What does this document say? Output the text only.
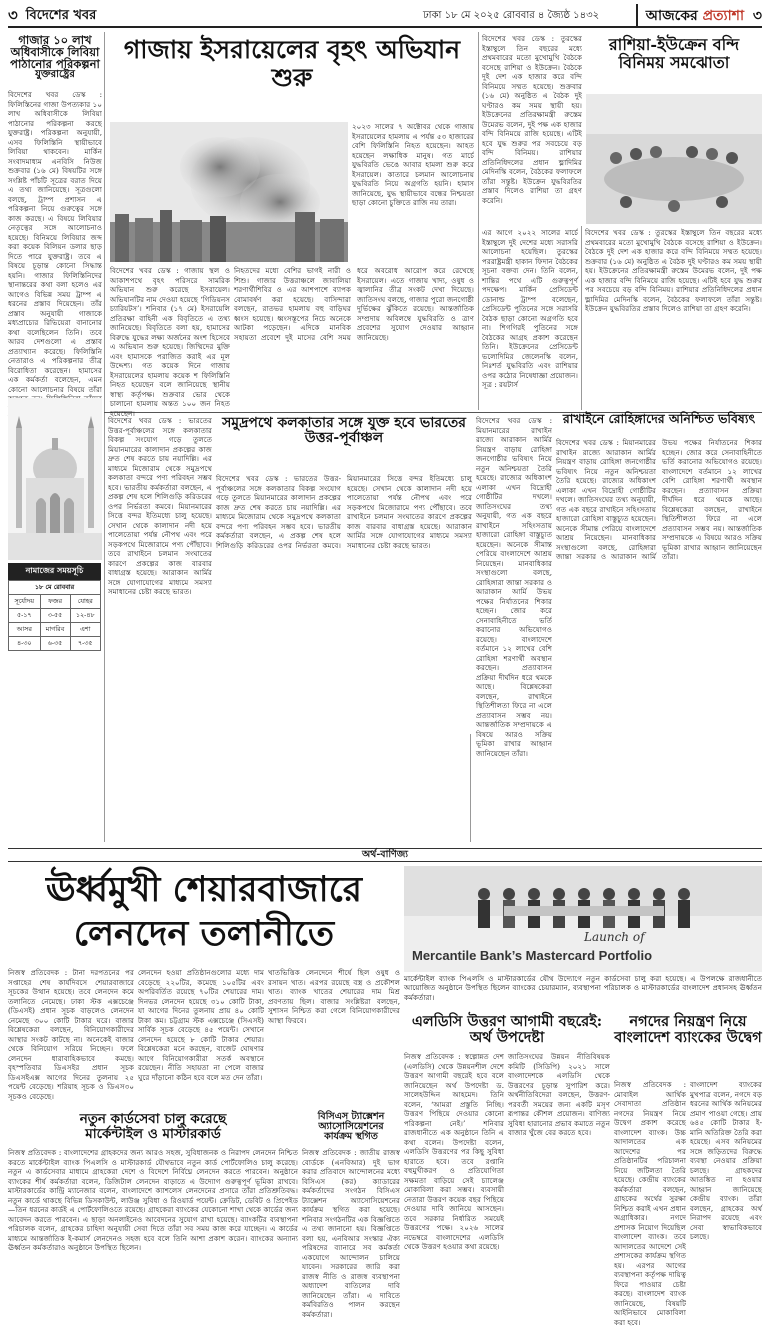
৩ বিদেশের খবর	ঢাকা ১৮ মে ২০২৫ রোববার ৪ জ্যৈষ্ঠ ১৪৩২	আজকের প্রত্যাশা ৩
গাজার ১০ লাখ
অধিবাসীকে লিবিয়া
পাঠানোর পরিকল্পনা
যুক্তরাষ্ট্রের
বিদেশের খবর ডেস্ক : ফিলিস্তিনের গাজা উপত্যকার ১০ লাখ অধিবাসীকে লিবিয়া পাঠানোর পরিকল্পনা করছে যুক্তরাষ্ট্র। পরিকল্পনা অনুযায়ী, এসব ফিলিস্তিনি স্থায়ীভাবে লিবিয়া থাকবেন। মার্কিন সংবাদমাধ্যম এনবিসি নিউজ শুক্রবার (১৬ মে) বিষয়টির সঙ্গে সংশ্লিষ্ট পাঁচটি সূত্রের বরাত দিয়ে এ তথ্য জানিয়েছে। সূত্রগুলো বলছে, ট্রাম্প প্রশাসন এ পরিকল্পনা নিয়ে গুরুত্বের সঙ্গে কাজ করছে। এ বিষয়ে লিবিয়ার নেতৃত্বের সঙ্গে আলোচনাও হয়েছে। বিনিময়ে লিবিয়ার জব্দ করা কয়েক বিলিয়ন ডলার ছাড় দিতে পারে যুক্তরাষ্ট্র। তবে এ বিষয়ে চূড়ান্ত কোনো সিদ্ধান্ত হয়নি। গাজার ফিলিস্তিনিদের স্থানান্তরের কথা বলা হলেও এর আগেও বিভিন্ন সময় ট্রাম্প এ ধরনের প্রস্তাব দিয়েছেন। তাঁর প্রস্তাব অনুযায়ী গাজাকে মধ্যপ্রাচ্যের রিভিয়েরা বানানোর কথা বলেছিলেন তিনি। তবে আরব দেশগুলো এ প্রস্তাব প্রত্যাখ্যান করেছে। ফিলিস্তিনি নেতারাও এ পরিকল্পনার তীব্র বিরোধিতা করেছেন। হামাসের এক কর্মকর্তা বলেছেন, এমন কোনো আলোচনার বিষয়ে তাঁরা
নামাজের সময়সূচি
১৮ মে রোববার		
সূর্যোদয়	ফজর	যোহর
৫-১৭	৩-৫৫	১২-৪৮
আসর	মাগরিব	এশা
৪-৩০	৬-৩৫	৭-৩৫
গাজায় ইসরায়েলের বৃহৎ অভিযান শুরু
২০২৩ সালের ৭ অক্টোবর থেকে গাজায় ইসরায়েলের হামলায় এ পর্যন্ত ৫৩ হাজারের বেশি ফিলিস্তিনি নিহত হয়েছেন। আহত হয়েছেন লক্ষাধিক মানুষ। গত মার্চে যুদ্ধবিরতি ভেঙে আবার হামলা শুরু করে ইসরায়েল। কাতারে চলমান আলোচনায় যুদ্ধবিরতি নিয়ে অগ্রগতি হয়নি। হামাস জানিয়েছে, যুদ্ধ স্থায়ীভাবে বন্ধের নিশ্চয়তা ছাড়া কোনো চুক্তিতে রাজি নয় তারা।
বিদেশের খবর ডেস্ক : গাজায় স্থল ও আকাশপথে বৃহৎ পরিসরে সামরিক অভিযান শুরু করেছে ইসরায়েল। অভিযানটির নাম দেওয়া হয়েছে ‘গিডিয়নস চ্যারিয়টস’। শনিবার (১৭ মে) ইসরায়েলি প্রতিরক্ষা বাহিনী এক বিবৃতিতে এ তথ্য জানিয়েছে। বিবৃতিতে বলা হয়, হামাসের বিরুদ্ধে যুদ্ধের লক্ষ্য অর্জনের অংশ হিসেবে এ অভিযান শুরু হয়েছে। জিম্মিদের মুক্তি এবং হামাসকে পরাজিত করাই এর মূল উদ্দেশ্য। গত কয়েক দিনে গাজায় ইসরায়েলের হামলায় কয়েক শ ফিলিস্তিনি নিহত হয়েছেন বলে জানিয়েছে স্থানীয় স্বাস্থ্য কর্তৃপক্ষ। শুক্রবার ভোর থেকে চালানো হামলায় অন্তত ১০০ জন নিহত হয়েছেন।
নিহতদের মধ্যে বেশির ভাগই নারী ও শিশু। গাজার উত্তরাঞ্চলে জাবালিয়া শরণার্থীশিবির ও এর আশপাশে ব্যাপক বোমাবর্ষণ করা হয়েছে। বাসিন্দারা বলছেন, রাতভর হামলায় বহু বাড়িঘর ধ্বংস হয়েছে। ধ্বংসস্তূপের নিচে অনেকে আটকা পড়েছেন। এদিকে মানবিক সহায়তা প্রবেশে দুই মাসের বেশি সময় ধরে অবরোধ আরোপ করে রেখেছে ইসরায়েল। এতে গাজায় খাদ্য, ওষুধ ও জ্বালানির তীব্র সংকট দেখা দিয়েছে। জাতিসংঘ বলছে, গাজার পুরো জনগোষ্ঠী দুর্ভিক্ষের ঝুঁকিতে রয়েছে। আন্তর্জাতিক সম্প্রদায় অবিলম্বে যুদ্ধবিরতি ও ত্রাণ প্রবেশের সুযোগ দেওয়ার আহ্বান জানিয়েছে।
বিদেশের খবর ডেস্ক : তুরস্কের ইস্তাম্বুলে তিন বছরের মধ্যে প্রথমবারের মতো মুখোমুখি বৈঠকে বসেছে রাশিয়া ও ইউক্রেন। বৈঠকে দুই দেশ এক হাজার করে বন্দি বিনিময়ে সম্মত হয়েছে। শুক্রবার (১৬ মে) অনুষ্ঠিত এ বৈঠক দুই ঘণ্টারও কম সময় স্থায়ী হয়। ইউক্রেনের প্রতিরক্ষামন্ত্রী রুস্তেম উমেরভ বলেন, দুই পক্ষ এক হাজার বন্দি বিনিময়ে রাজি হয়েছে। এটিই হবে যুদ্ধ শুরুর পর সবচেয়ে বড় বন্দি বিনিময়। রাশিয়ার প্রতিনিধিদলের প্রধান ভ্লাদিমির মেদিনস্কি বলেন, বৈঠকের ফলাফলে তাঁরা সন্তুষ্ট। ইউক্রেন যুদ্ধবিরতির প্রস্তাব দিলেও রাশিয়া তা গ্রহণ করেনি।
রাশিয়া-ইউক্রেন বন্দি বিনিময় সমঝোতা
এর আগে ২০২২ সালের মার্চে ইস্তাম্বুলে দুই দেশের মধ্যে সরাসরি আলোচনা হয়েছিল। তুরস্কের পররাষ্ট্রমন্ত্রী হাকান ফিদান বৈঠকের সূচনা বক্তব্য দেন। তিনি বলেন, শান্তির পথে এটি গুরুত্বপূর্ণ পদক্ষেপ। মার্কিন প্রেসিডেন্ট ডোনাল্ড ট্রাম্প বলেছেন, প্রেসিডেন্ট পুতিনের সঙ্গে সরাসরি বৈঠক ছাড়া কোনো অগ্রগতি হবে না। শিগগিরই পুতিনের সঙ্গে বৈঠকের আগ্রহ প্রকাশ করেছেন তিনি। ইউক্রেনের প্রেসিডেন্ট ভলোদিমির জেলেনস্কি বলেন, নিঃশর্ত যুদ্ধবিরতি এবং রাশিয়ার ওপর কঠোর নিষেধাজ্ঞা প্রয়োজন। সূত্র : রয়টার্স
বিদেশের খবর ডেস্ক : তুরস্কের ইস্তাম্বুলে তিন বছরের মধ্যে প্রথমবারের মতো মুখোমুখি বৈঠকে বসেছে রাশিয়া ও ইউক্রেন। বৈঠকে দুই দেশ এক হাজার করে বন্দি বিনিময়ে সম্মত হয়েছে। শুক্রবার (১৬ মে) অনুষ্ঠিত এ বৈঠক দুই ঘণ্টারও কম সময় স্থায়ী হয়। ইউক্রেনের প্রতিরক্ষামন্ত্রী রুস্তেম উমেরভ বলেন, দুই পক্ষ এক হাজার বন্দি বিনিময়ে রাজি হয়েছে। এটিই হবে যুদ্ধ শুরুর পর সবচেয়ে বড় বন্দি বিনিময়। রাশিয়ার প্রতিনিধিদলের প্রধান ভ্লাদিমির মেদিনস্কি বলেন, বৈঠকের ফলাফলে তাঁরা সন্তুষ্ট। ইউক্রেন যুদ্ধবিরতির প্রস্তাব দিলেও রাশিয়া তা গ্রহণ করেনি।
বিদেশের খবর ডেস্ক : ভারতের উত্তর-পূর্বাঞ্চলের সঙ্গে কলকাতার বিকল্প সংযোগ গড়ে তুলতে মিয়ানমারের কালাদান প্রকল্পের কাজ দ্রুত শেষ করতে চায় নয়াদিল্লি। এর মাধ্যমে মিজোরাম থেকে সমুদ্রপথে কলকাতা বন্দরে পণ্য পরিবহন সম্ভব হবে। ভারতীয় কর্মকর্তারা বলছেন, এ প্রকল্প শেষ হলে শিলিগুড়ি করিডরের ওপর নির্ভরতা কমবে। মিয়ানমারের সিত্তে বন্দর ইতিমধ্যে চালু হয়েছে। সেখান থেকে কালাদান নদী হয়ে পালেতোয়া পর্যন্ত নৌপথ এবং পরে সড়কপথে মিজোরামে পণ্য পৌঁছাবে। তবে রাখাইনে চলমান সংঘাতের কারণে প্রকল্পের কাজ বারবার বাধাগ্রস্ত হয়েছে। আরাকান আর্মির সঙ্গে যোগাযোগের মাধ্যমে সমস্যা সমাধানের চেষ্টা করছে ভারত।
সমুদ্রপথে কলকাতার সঙ্গে যুক্ত হবে ভারতের উত্তর-পূর্বাঞ্চল
বিদেশের খবর ডেস্ক : ভারতের উত্তর-পূর্বাঞ্চলের সঙ্গে কলকাতার বিকল্প সংযোগ গড়ে তুলতে মিয়ানমারের কালাদান প্রকল্পের কাজ দ্রুত শেষ করতে চায় নয়াদিল্লি। এর মাধ্যমে মিজোরাম থেকে সমুদ্রপথে কলকাতা বন্দরে পণ্য পরিবহন সম্ভব হবে। ভারতীয় কর্মকর্তারা বলছেন, এ প্রকল্প শেষ হলে শিলিগুড়ি করিডরের ওপর নির্ভরতা কমবে। মিয়ানমারের সিত্তে বন্দর ইতিমধ্যে চালু হয়েছে। সেখান থেকে কালাদান নদী হয়ে পালেতোয়া পর্যন্ত নৌপথ এবং পরে সড়কপথে মিজোরামে পণ্য পৌঁছাবে। তবে রাখাইনে চলমান সংঘাতের কারণে প্রকল্পের কাজ বারবার বাধাগ্রস্ত হয়েছে। আরাকান আর্মির সঙ্গে যোগাযোগের মাধ্যমে সমস্যা সমাধানের চেষ্টা করছে ভারত।
বিদেশের খবর ডেস্ক : মিয়ানমারের রাখাইন রাজ্যে আরাকান আর্মির নিয়ন্ত্রণ বাড়ায় রোহিঙ্গা জনগোষ্ঠীর ভবিষ্যৎ নিয়ে নতুন অনিশ্চয়তা তৈরি হয়েছে। রাজ্যের অধিকাংশ এলাকা এখন বিদ্রোহী গোষ্ঠীটির দখলে। জাতিসংঘের তথ্য অনুযায়ী, গত এক বছরে রাখাইনে সহিংসতায় হাজারো রোহিঙ্গা বাস্তুচ্যুত হয়েছেন। অনেকে সীমান্ত পেরিয়ে বাংলাদেশে আশ্রয় নিয়েছেন। মানবাধিকার সংস্থাগুলো বলছে, রোহিঙ্গারা জান্তা সরকার ও আরাকান আর্মি উভয় পক্ষের নির্যাতনের শিকার হচ্ছেন। জোর করে সেনাবাহিনীতে ভর্তি করানোর অভিযোগও রয়েছে। বাংলাদেশে বর্তমানে ১২ লাখের বেশি রোহিঙ্গা শরণার্থী অবস্থান করছেন। প্রত্যাবাসন প্রক্রিয়া দীর্ঘদিন ধরে থমকে আছে। বিশ্লেষকেরা বলছেন, রাখাইনে স্থিতিশীলতা ফিরে না এলে প্রত্যাবাসন সম্ভব নয়। আন্তর্জাতিক সম্প্রদায়কে এ বিষয়ে আরও সক্রিয় ভূমিকা রাখার আহ্বান জানিয়েছেন তাঁরা।
রাখাইনে রোহিঙ্গাদের অনিশ্চিত ভবিষ্যৎ
বিদেশের খবর ডেস্ক : মিয়ানমারের রাখাইন রাজ্যে আরাকান আর্মির নিয়ন্ত্রণ বাড়ায় রোহিঙ্গা জনগোষ্ঠীর ভবিষ্যৎ নিয়ে নতুন অনিশ্চয়তা তৈরি হয়েছে। রাজ্যের অধিকাংশ এলাকা এখন বিদ্রোহী গোষ্ঠীটির দখলে। জাতিসংঘের তথ্য অনুযায়ী, গত এক বছরে রাখাইনে সহিংসতায় হাজারো রোহিঙ্গা বাস্তুচ্যুত হয়েছেন। অনেকে সীমান্ত পেরিয়ে বাংলাদেশে আশ্রয় নিয়েছেন। মানবাধিকার সংস্থাগুলো বলছে, রোহিঙ্গারা জান্তা সরকার ও আরাকান আর্মি উভয় পক্ষের নির্যাতনের শিকার হচ্ছেন। জোর করে সেনাবাহিনীতে ভর্তি করানোর অভিযোগও রয়েছে। বাংলাদেশে বর্তমানে ১২ লাখের বেশি রোহিঙ্গা শরণার্থী অবস্থান করছেন। প্রত্যাবাসন প্রক্রিয়া দীর্ঘদিন ধরে থমকে আছে। বিশ্লেষকেরা বলছেন, রাখাইনে স্থিতিশীলতা ফিরে না এলে প্রত্যাবাসন সম্ভব নয়। আন্তর্জাতিক সম্প্রদায়কে এ বিষয়ে আরও সক্রিয় ভূমিকা রাখার আহ্বান জানিয়েছেন তাঁরা।
অর্থ-বাণিজ্য
ঊর্ধ্বমুখী শেয়ারবাজারে
লেনদেন তলানীতে
নিজস্ব প্রতিবেদক : টানা দরপতনের পর সপ্তাহের শেষ কার্যদিবসে শেয়ারবাজারে সূচকের উত্থান হয়েছে। তবে লেনদেন কমে তলানিতে নেমেছে। ঢাকা স্টক এক্সচেঞ্জে (ডিএসই) প্রধান সূচক বাড়লেও লেনদেন নেমেছে ৩০০ কোটি টাকার ঘরে। বাজার বিশ্লেষকেরা বলছেন, বিনিয়োগকারীদের আস্থার সংকট কাটছে না। অনেকেই বাজার থেকে বিনিয়োগ সরিয়ে নিচ্ছেন। ফলে লেনদেন ধারাবাহিকভাবে কমছে। বৃহস্পতিবার ডিএসইর প্রধান সূচক ডিএসইএক্স আগের দিনের তুলনায় ২৫ পয়েন্ট বেড়েছে। শরিয়াহ সূচক ও ডিএস৩০ সূচকও বেড়েছে।
লেনদেন হওয়া প্রতিষ্ঠানগুলোর মধ্যে দাম বেড়েছে ২২০টির, কমেছে ১০৫টির এবং অপরিবর্তিত রয়েছে ৭০টির শেয়ারের দাম। দিনভর লেনদেন হয়েছে ৩১০ কোটি টাকা, যা আগের দিনের তুলনায় প্রায় ৪০ কোটি টাকা কম। চট্টগ্রাম স্টক এক্সচেঞ্জে (সিএসই) সার্বিক সূচক বেড়েছে ৪৫ পয়েন্ট। সেখানে লেনদেন হয়েছে ৮ কোটি টাকার শেয়ার। বিশ্লেষকেরা মনে করছেন, বাজেট ঘোষণার আগে বিনিয়োগকারীরা সতর্ক অবস্থানে রয়েছেন। নীতি সহায়তা না পেলে বাজার ঘুরে দাঁড়ানো কঠিন হবে বলে মত দেন তাঁরা।
খাতভিত্তিক লেনদেনে শীর্ষে ছিল ওষুধ ও রসায়ন খাত। এরপর রয়েছে বস্ত্র ও প্রকৌশল খাত। ব্যাংক খাতের শেয়ারের দাম মিশ্র প্রবণতায় ছিল। বাজার সংশ্লিষ্টরা বলছেন, সুশাসন নিশ্চিত করা গেলে বিনিয়োগকারীদের আস্থা ফিরবে।
Launch of
Mercantile Bank’s Mastercard Portfolio
মার্কেন্টাইল ব্যাংক পিএলসি ও মাস্টারকার্ডের যৌথ উদ্যোগে নতুন কার্ডসেবা চালু করা হয়েছে। এ উপলক্ষে রাজধানীতে আয়োজিত অনুষ্ঠানে উপস্থিত ছিলেন ব্যাংকের চেয়ারম্যান, ব্যবস্থাপনা পরিচালক ও মাস্টারকার্ডের বাংলাদেশ প্রধানসহ ঊর্ধ্বতন কর্মকর্তারা।
এলডিসি উত্তরণ আগামী বছরেই: অর্থ উপদেষ্টা
নিজস্ব প্রতিবেদক : স্বল্পোন্নত দেশ (এলডিসি) থেকে উন্নয়নশীল দেশে উত্তরণ আগামী বছরেই হবে বলে জানিয়েছেন অর্থ উপদেষ্টা ড. সালেহউদ্দিন আহমেদ। তিনি বলেন, ‘আমরা প্রস্তুতি নিচ্ছি। উত্তরণ পিছিয়ে দেওয়ার কোনো পরিকল্পনা নেই।’ শনিবার রাজধানীতে এক অনুষ্ঠানে তিনি এ কথা বলেন। উপদেষ্টা বলেন, এলডিসি উত্তরণের পর কিছু সুবিধা হারাতে হবে। তবে রপ্তানি বহুমুখীকরণ ও প্রতিযোগিতা সক্ষমতা বাড়িয়ে সেই চ্যালেঞ্জ মোকাবিলা করা সম্ভব। ব্যবসায়ী নেতারা উত্তরণ কয়েক বছর পিছিয়ে দেওয়ার দাবি জানিয়ে আসছেন। তবে সরকার নির্ধারিত সময়েই উত্তরণের পক্ষে। ২০২৬ সালের নভেম্বরে বাংলাদেশের এলডিসি থেকে উত্তরণ হওয়ার কথা রয়েছে।
জাতিসংঘের উন্নয়ন নীতিবিষয়ক কমিটি (সিডিপি) ২০২১ সালে বাংলাদেশকে এলডিসি থেকে উত্তরণের চূড়ান্ত সুপারিশ করে। অর্থনীতিবিদেরা বলছেন, উত্তরণ-পরবর্তী সময়ের জন্য একটি মসৃণ রূপান্তর কৌশল প্রয়োজন। বাণিজ্য সুবিধা হারানোর প্রভাব কমাতে নতুন বাজার খুঁজে বের করতে হবে।
নগদের নিয়ন্ত্রণ নিয়ে বাংলাদেশ ব্যাংকের উদ্বেগ
নিজস্ব প্রতিবেদক : মোবাইল আর্থিক সেবাদাতা প্রতিষ্ঠান নগদের নিয়ন্ত্রণ নিয়ে উদ্বেগ প্রকাশ করেছে বাংলাদেশ ব্যাংক। উচ্চ আদালতের এক আদেশের পর প্রতিষ্ঠানটির পরিচালনা নিয়ে জটিলতা তৈরি হয়েছে। কেন্দ্রীয় ব্যাংকের কর্মকর্তারা বলছেন, গ্রাহকের অর্থের সুরক্ষা নিশ্চিত করাই এখন প্রধান অগ্রাধিকার। নগদে প্রশাসক নিয়োগ দিয়েছিল বাংলাদেশ ব্যাংক। তবে আদালতের আদেশে সেই প্রশাসকের কার্যক্রম স্থগিত হয়। এরপর আগের ব্যবস্থাপনা কর্তৃপক্ষ দায়িত্ব ফিরে পাওয়ার চেষ্টা করছে। বাংলাদেশ ব্যাংক জানিয়েছে, বিষয়টি আইনিভাবে মোকাবিলা করা হবে।
বাংলাদেশ ব্যাংকের মুখপাত্র বলেন, নগদে বড় ধরনের আর্থিক অনিয়মের প্রমাণ পাওয়া গেছে। প্রায় ৬৪৫ কোটি টাকার ই-মানি অতিরিক্ত তৈরি করা হয়েছে। এসব অনিয়মের সঙ্গে জড়িতদের বিরুদ্ধে ব্যবস্থা নেওয়ার প্রক্রিয়া চলছে। গ্রাহকদের আতঙ্কিত না হওয়ার আহ্বান জানিয়েছে কেন্দ্রীয় ব্যাংক। তাঁরা বলছেন, গ্রাহকের অর্থ নিরাপদ রয়েছে এবং সেবা স্বাভাবিকভাবে চলছে।
নতুন কার্ডসেবা চালু করেছে
মার্কেন্টাইল ও মাস্টারকার্ড
নিজস্ব প্রতিবেদক : বাংলাদেশের গ্রাহকদের জন্য আরও সহজ, সুবিধাজনক ও নিরাপদ লেনদেন নিশ্চিত করতে মার্কেন্টাইল ব্যাংক পিএলসি ও মাস্টারকার্ড যৌথভাবে নতুন কার্ড পোর্টফোলিও চালু করেছে। নতুন এ কার্ডসেবার মাধ্যমে গ্রাহকেরা দেশে ও বিদেশে নির্বিঘ্নে লেনদেন করতে পারবেন। অনুষ্ঠানে ব্যাংকের শীর্ষ কর্মকর্তারা বলেন, ডিজিটাল লেনদেন বাড়াতে এ উদ্যোগ গুরুত্বপূর্ণ ভূমিকা রাখবে। মাস্টারকার্ডের কান্ট্রি ম্যানেজার বলেন, বাংলাদেশে ক্যাশলেস লেনদেনের প্রসারে তাঁরা প্রতিশ্রুতিবদ্ধ। নতুন কার্ডে থাকছে বিভিন্ন ডিসকাউন্ট, লাউঞ্জ সুবিধা ও রিওয়ার্ড পয়েন্ট। ক্রেডিট, ডেবিট ও প্রিপেইড—তিন ধরনের কার্ডই এ পোর্টফোলিওতে রয়েছে। গ্রাহকেরা ব্যাংকের যেকোনো শাখা থেকে কার্ডের জন্য আবেদন করতে পারবেন। এ ছাড়া অনলাইনেও আবেদনের সুযোগ রাখা হয়েছে। ব্যাংকটির ব্যবস্থাপনা পরিচালক বলেন, গ্রাহকের চাহিদা অনুযায়ী সেবা দিতে তাঁরা সব সময় কাজ করে যাচ্ছেন। এ কার্ডের মাধ্যমে আন্তর্জাতিক ই-কমার্স লেনদেনও সহজ হবে বলে তিনি আশা প্রকাশ করেন। ব্যাংকের অন্যান্য ঊর্ধ্বতন কর্মকর্তারাও অনুষ্ঠানে উপস্থিত ছিলেন।
বিসিএস ট্যাক্সেশন
অ্যাসোসিয়েশনের
কার্যক্রম স্থগিত
নিজস্ব প্রতিবেদক : জাতীয় রাজস্ব বোর্ডকে (এনবিআর) দুই ভাগ করার প্রতিবাদে আন্দোলনের মধ্যে বিসিএস (কর) ক্যাডারের কর্মকর্তাদের সংগঠন বিসিএস ট্যাক্সেশন অ্যাসোসিয়েশনের কার্যক্রম স্থগিত করা হয়েছে। শনিবার সংগঠনটির এক বিজ্ঞপ্তিতে এ তথ্য জানানো হয়। বিজ্ঞপ্তিতে বলা হয়, এনবিআর সংস্কার ঐক্য পরিষদের ব্যানারে সব কর্মকর্তা একযোগে আন্দোলন চালিয়ে যাবেন। সরকারের জারি করা রাজস্ব নীতি ও রাজস্ব ব্যবস্থাপনা অধ্যাদেশ বাতিলের দাবি জানিয়েছেন তাঁরা। এ দাবিতে কর্মবিরতিও পালন করছেন কর্মকর্তারা।
